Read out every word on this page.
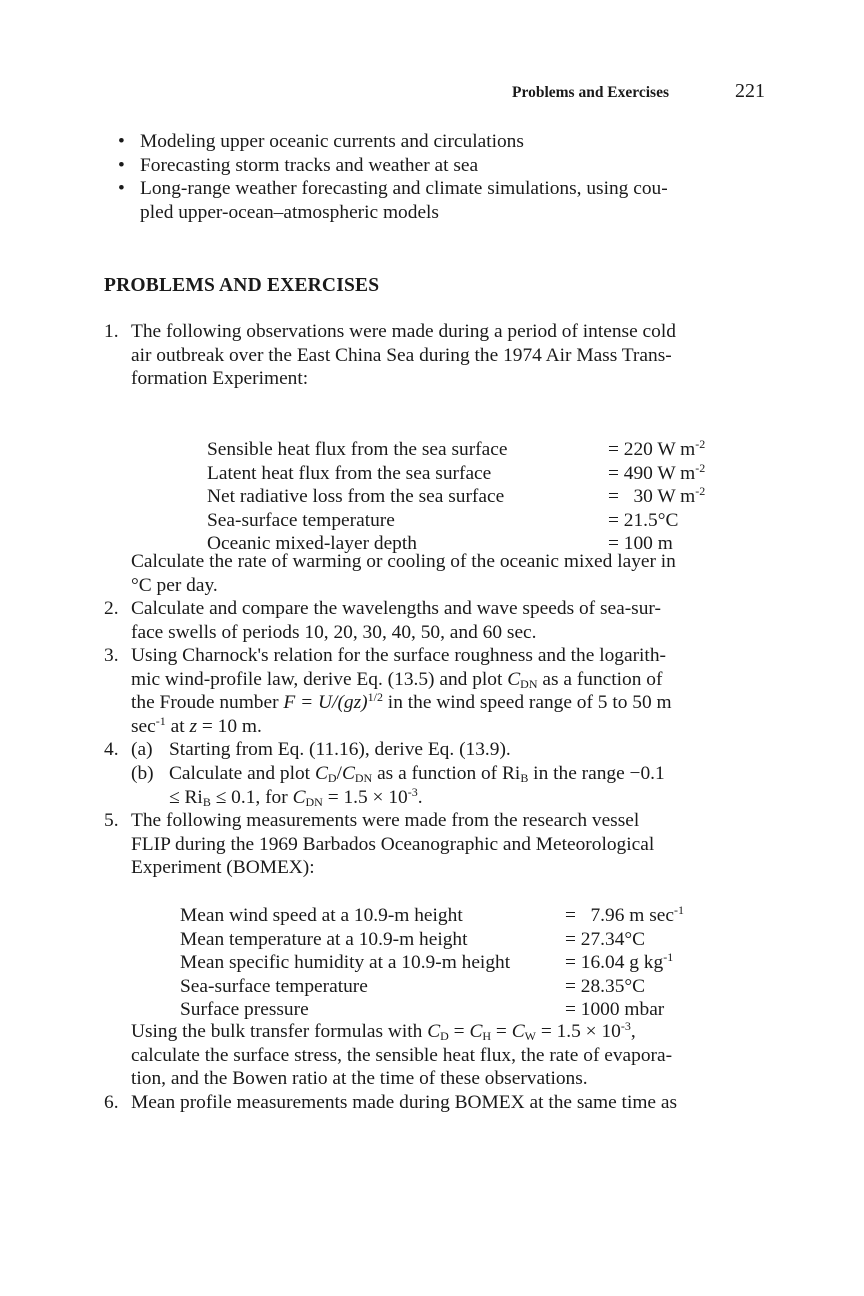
Problems and Exercises	221
• Modeling upper oceanic currents and circulations
• Forecasting storm tracks and weather at sea
• Long-range weather forecasting and climate simulations, using cou-
pled upper-ocean–atmospheric models
PROBLEMS AND EXERCISES
1. The following observations were made during a period of intense cold
air outbreak over the East China Sea during the 1974 Air Mass Trans-
formation Experiment:
Sensible heat flux from the sea surface	= 220 W $m^{-2}$
Latent heat flux from the sea surface	= 490 W $m^{-2}$
Net radiative loss from the sea surface	=   30 W $m^{-2}$
Sea-surface temperature	= 21.5°C
Oceanic mixed-layer depth	= 100 m
Calculate the rate of warming or cooling of the oceanic mixed layer in
°C per day.
2. Calculate and compare the wavelengths and wave speeds of sea-sur-
face swells of periods 10, 20, 30, 40, 50, and 60 sec.
3. Using Charnock's relation for the surface roughness and the logarith-
mic wind-profile law, derive Eq. (13.5) and plot CDN as a function of
the Froude number F = U/(gz)$^{1/2}$ in the wind speed range of 5 to 50 m
$\sec^{-1}$ at z = 10 m.
4. (a) Starting from Eq. (11.16), derive Eq. (13.9).
(b) Calculate and plot CD/CDN as a function of RiB in the range −0.1
≤ RiB ≤ 0.1, for CDN = $1.5 \times 10^{-3}$.
5. The following measurements were made from the research vessel
FLIP during the 1969 Barbados Oceanographic and Meteorological
Experiment (BOMEX):
Mean wind speed at a 10.9-m height	=   7.96 m $\sec^{-1}$
Mean temperature at a 10.9-m height	= 27.34°C
Mean specific humidity at a 10.9-m height	= 16.04 g $kg^{-1}$
Sea-surface temperature	= 28.35°C
Surface pressure	= 1000 mbar
Using the bulk transfer formulas with CD = CH = CW = $1.5 \times 10^{-3}$,
calculate the surface stress, the sensible heat flux, the rate of evapora-
tion, and the Bowen ratio at the time of these observations.
6. Mean profile measurements made during BOMEX at the same time as
